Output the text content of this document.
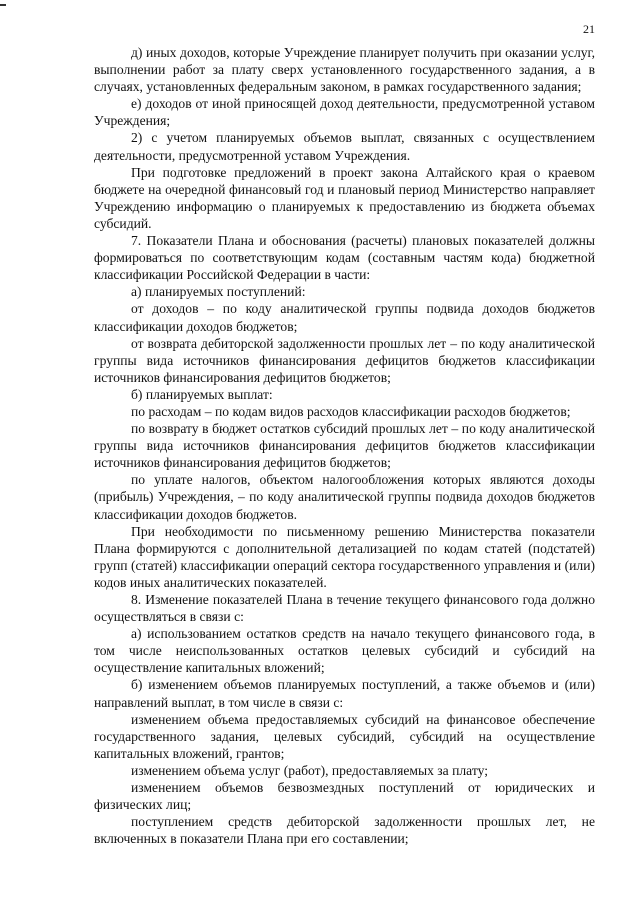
21

д) иных доходов, которые Учреждение планирует получить при оказании услуг, выполнении работ за плату сверх установленного государственного задания, а в случаях, установленных федеральным законом, в рамках государственного задания;

е) доходов от иной приносящей доход деятельности, предусмотренной уставом Учреждения;

2) с учетом планируемых объемов выплат, связанных с осуществлением деятельности, предусмотренной уставом Учреждения.

При подготовке предложений в проект закона Алтайского края о краевом бюджете на очередной финансовый год и плановый период Министерство направляет Учреждению информацию о планируемых к предоставлению из бюджета объемах субсидий.

7. Показатели Плана и обоснования (расчеты) плановых показателей должны формироваться по соответствующим кодам (составным частям кода) бюджетной классификации Российской Федерации в части:

а) планируемых поступлений:

от доходов – по коду аналитической группы подвида доходов бюджетов классификации доходов бюджетов;

от возврата дебиторской задолженности прошлых лет – по коду аналитической группы вида источников финансирования дефицитов бюджетов классификации источников финансирования дефицитов бюджетов;

б) планируемых выплат:

по расходам – по кодам видов расходов классификации расходов бюджетов;

по возврату в бюджет остатков субсидий прошлых лет – по коду аналитической группы вида источников финансирования дефицитов бюджетов классификации источников финансирования дефицитов бюджетов;

по уплате налогов, объектом налогообложения которых являются доходы (прибыль) Учреждения, – по коду аналитической группы подвида доходов бюджетов классификации доходов бюджетов.

При необходимости по письменному решению Министерства показатели Плана формируются с дополнительной детализацией по кодам статей (подстатей) групп (статей) классификации операций сектора государственного управления и (или) кодов иных аналитических показателей.

8. Изменение показателей Плана в течение текущего финансового года должно осуществляться в связи с:

а) использованием остатков средств на начало текущего финансового года, в том числе неиспользованных остатков целевых субсидий и субсидий на осуществление капитальных вложений;

б) изменением объемов планируемых поступлений, а также объемов и (или) направлений выплат, в том числе в связи с:

изменением объема предоставляемых субсидий на финансовое обеспечение государственного задания, целевых субсидий, субсидий на осуществление капитальных вложений, грантов;

изменением объема услуг (работ), предоставляемых за плату;

изменением объемов безвозмездных поступлений от юридических и физических лиц;

поступлением средств дебиторской задолженности прошлых лет, не включенных в показатели Плана при его составлении;
